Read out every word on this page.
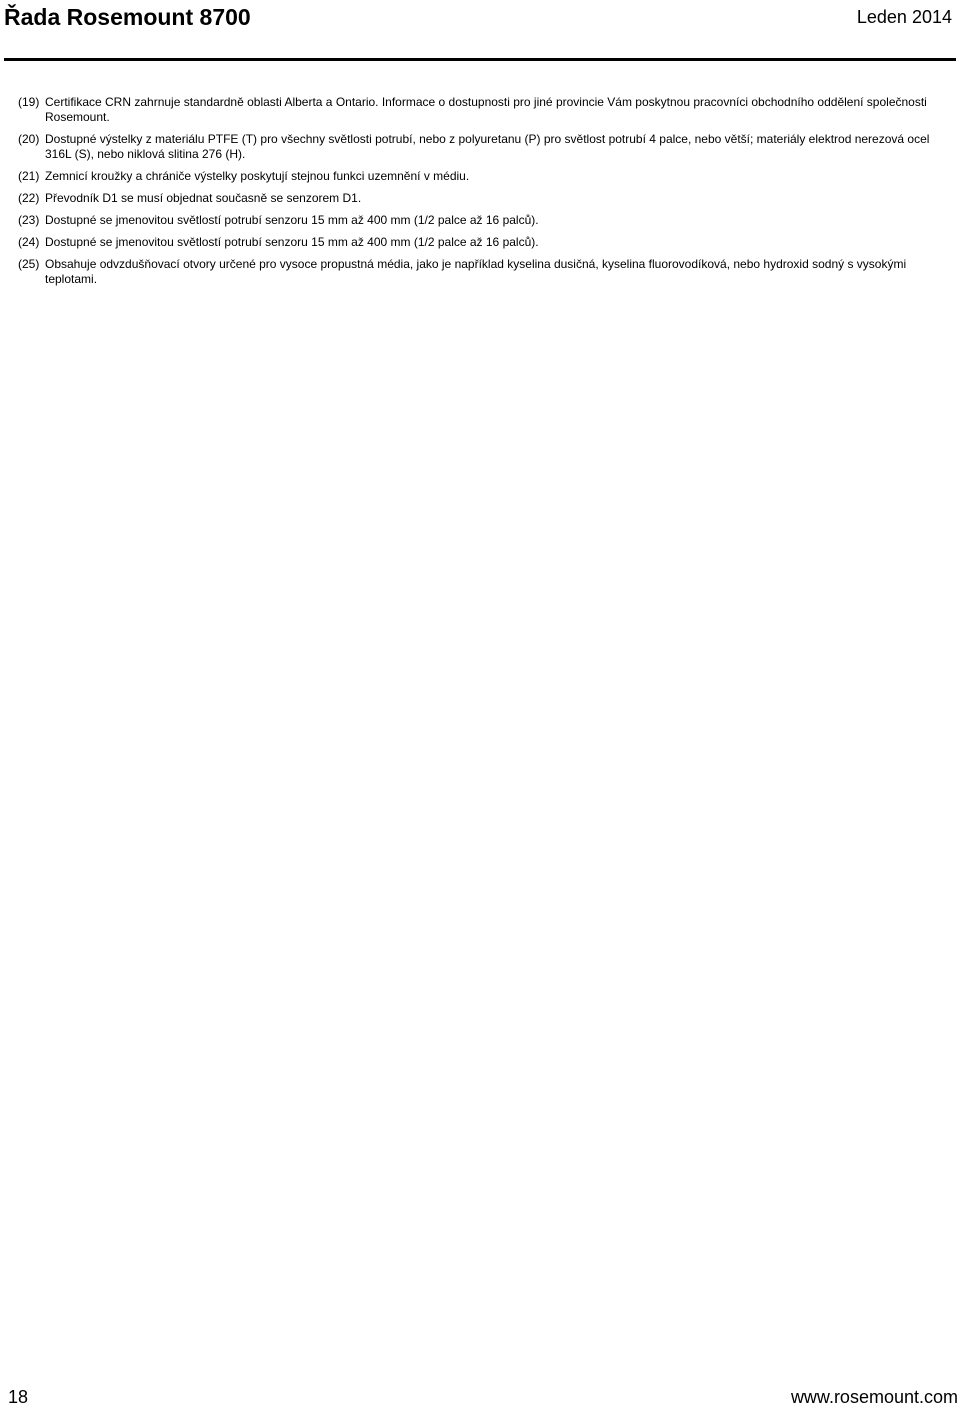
Řada Rosemount 8700	Leden 2014
(19) Certifikace CRN zahrnuje standardně oblasti Alberta a Ontario. Informace o dostupnosti pro jiné provincie Vám poskytnou pracovníci obchodního oddělení společnosti Rosemount.
(20) Dostupné výstelky z materiálu PTFE (T) pro všechny světlosti potrubí, nebo z polyuretanu (P) pro světlost potrubí 4 palce, nebo větší; materiály elektrod nerezová ocel 316L (S), nebo niklová slitina 276 (H).
(21) Zemnicí kroužky a chrániče výstelky poskytují stejnou funkci uzemnění v médiu.
(22) Převodník D1 se musí objednat současně se senzorem D1.
(23) Dostupné se jmenovitou světlostí potrubí senzoru 15 mm až 400 mm (1/2 palce až 16 palců).
(24) Dostupné se jmenovitou světlostí potrubí senzoru 15 mm až 400 mm (1/2 palce až 16 palců).
(25) Obsahuje odvzdušňovací otvory určené pro vysoce propustná média, jako je například kyselina dusičná, kyselina fluorovodíková, nebo hydroxid sodný s vysokými teplotami.
18	www.rosemount.com
